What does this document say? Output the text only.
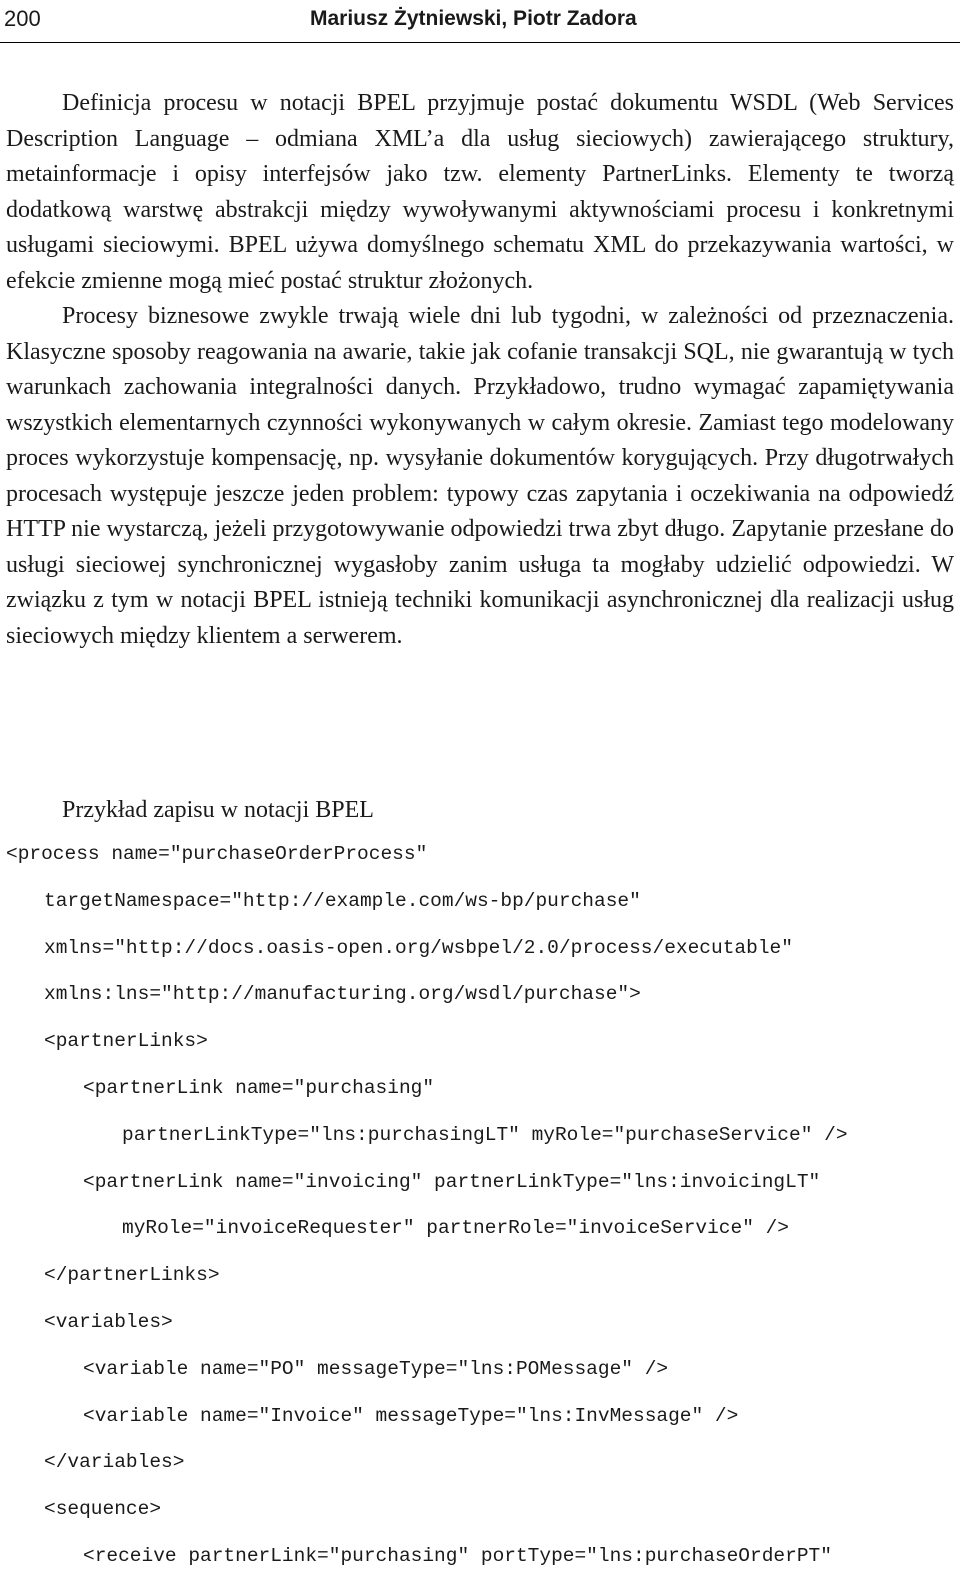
200	Mariusz Żytniewski, Piotr Zadora

Definicja procesu w notacji BPEL przyjmuje postać dokumentu WSDL (Web Services Description Language – odmiana XML’a dla usług sieciowych) zawierającego struktury, metainformacje i opisy interfejsów jako tzw. elementy PartnerLinks. Elementy te tworzą dodatkową warstwę abstrakcji między wywoływanymi aktywnościami procesu i konkretnymi usługami sieciowymi. BPEL używa domyślnego schematu XML do przekazywania wartości, w efekcie zmienne mogą mieć postać struktur złożonych.

Procesy biznesowe zwykle trwają wiele dni lub tygodni, w zależności od przeznaczenia. Klasyczne sposoby reagowania na awarie, takie jak cofanie transakcji SQL, nie gwarantują w tych warunkach zachowania integralności danych. Przykładowo, trudno wymagać zapamiętywania wszystkich elementarnych czynności wykonywanych w całym okresie. Zamiast tego modelowany proces wykorzystuje kompensację, np. wysyłanie dokumentów korygujących. Przy długotrwałych procesach występuje jeszcze jeden problem: typowy czas zapytania i oczekiwania na odpowiedź HTTP nie wystarczą, jeżeli przygotowywanie odpowiedzi trwa zbyt długo. Zapytanie przesłane do usługi sieciowej synchronicznej wygasłoby zanim usługa ta mogłaby udzielić odpowiedzi. W związku z tym w notacji BPEL istnieją techniki komunikacji asynchronicznej dla realizacji usług sieciowych między klientem a serwerem.

Przykład zapisu w notacji BPEL
<process name="purchaseOrderProcess"
targetNamespace="http://example.com/ws-bp/purchase"
xmlns="http://docs.oasis-open.org/wsbpel/2.0/process/executable"
xmlns:lns="http://manufacturing.org/wsdl/purchase">
<partnerLinks>
<partnerLink name="purchasing"
partnerLinkType="lns:purchasingLT" myRole="purchaseService" />
<partnerLink name="invoicing" partnerLinkType="lns:invoicingLT"
myRole="invoiceRequester" partnerRole="invoiceService" />
</partnerLinks>
<variables>
<variable name="PO" messageType="lns:POMessage" />
<variable name="Invoice" messageType="lns:InvMessage" />
</variables>
<sequence>
<receive partnerLink="purchasing" portType="lns:purchaseOrderPT"
